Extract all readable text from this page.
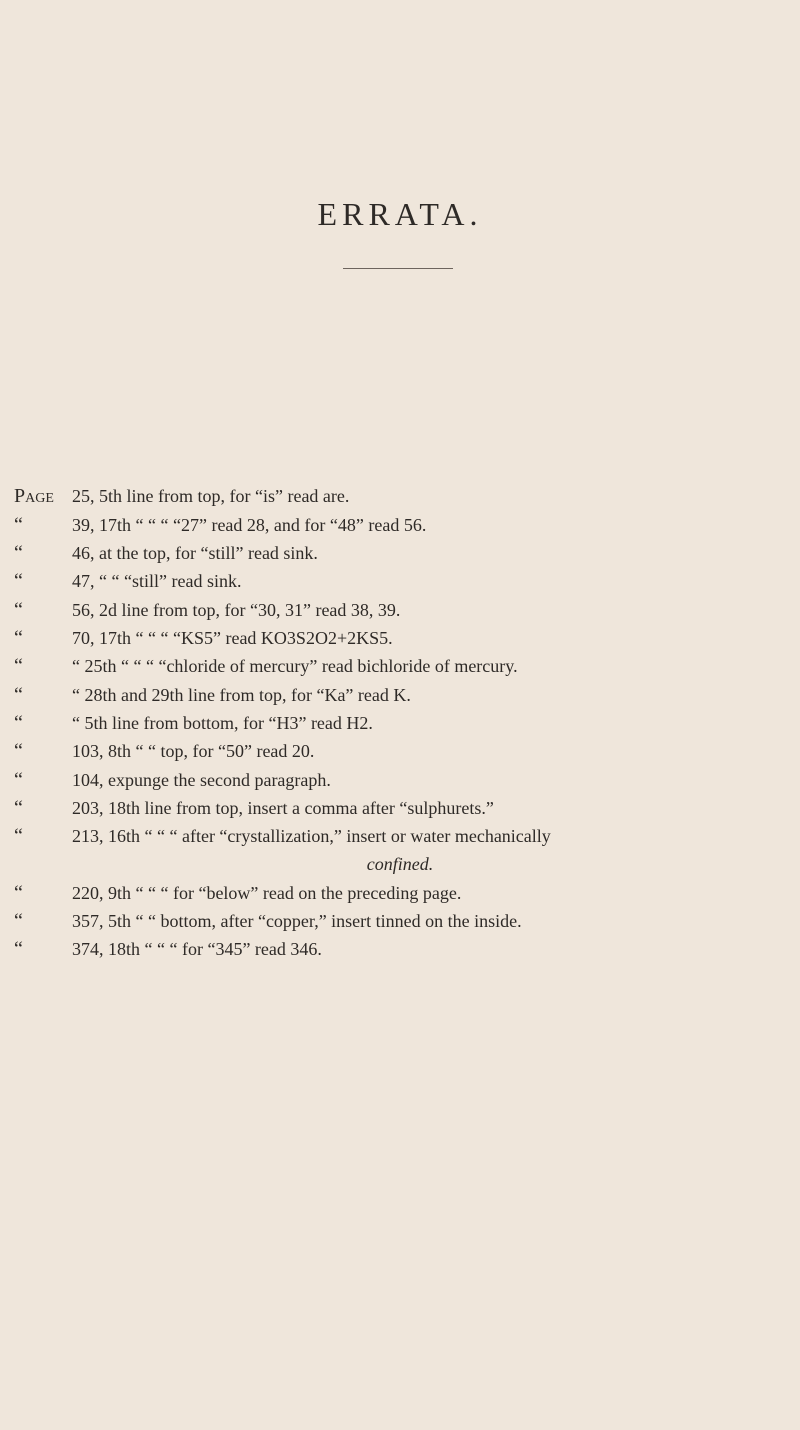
ERRATA.
Page	25, 5th line from top, for “is” read are.
“	39, 17th “ “ “ “27” read 28, and for “48” read 56.
“	46, at the top, for “still” read sink.
“	47, “ “ “still” read sink.
“	56, 2d line from top, for “30, 31” read 38, 39.
“	70, 17th “ “ “ “KS5” read KO3S2O2+2KS5.
“	“ 25th “ “ “ “chloride of mercury” read bichloride of mercury.
“	“ 28th and 29th line from top, for “Ka” read K.
“	“ 5th line from bottom, for “H3” read H2.
“	103, 8th “ “ top, for “50” read 20.
“	104, expunge the second paragraph.
“	203, 18th line from top, insert a comma after “sulphurets.”
“	213, 16th “ “ “ after “crystallization,” insert or water mechanically
confined.
“	220, 9th “ “ “ for “below” read on the preceding page.
“	357, 5th “ “ bottom, after “copper,” insert tinned on the inside.
“	374, 18th “ “ “ for “345” read 346.
